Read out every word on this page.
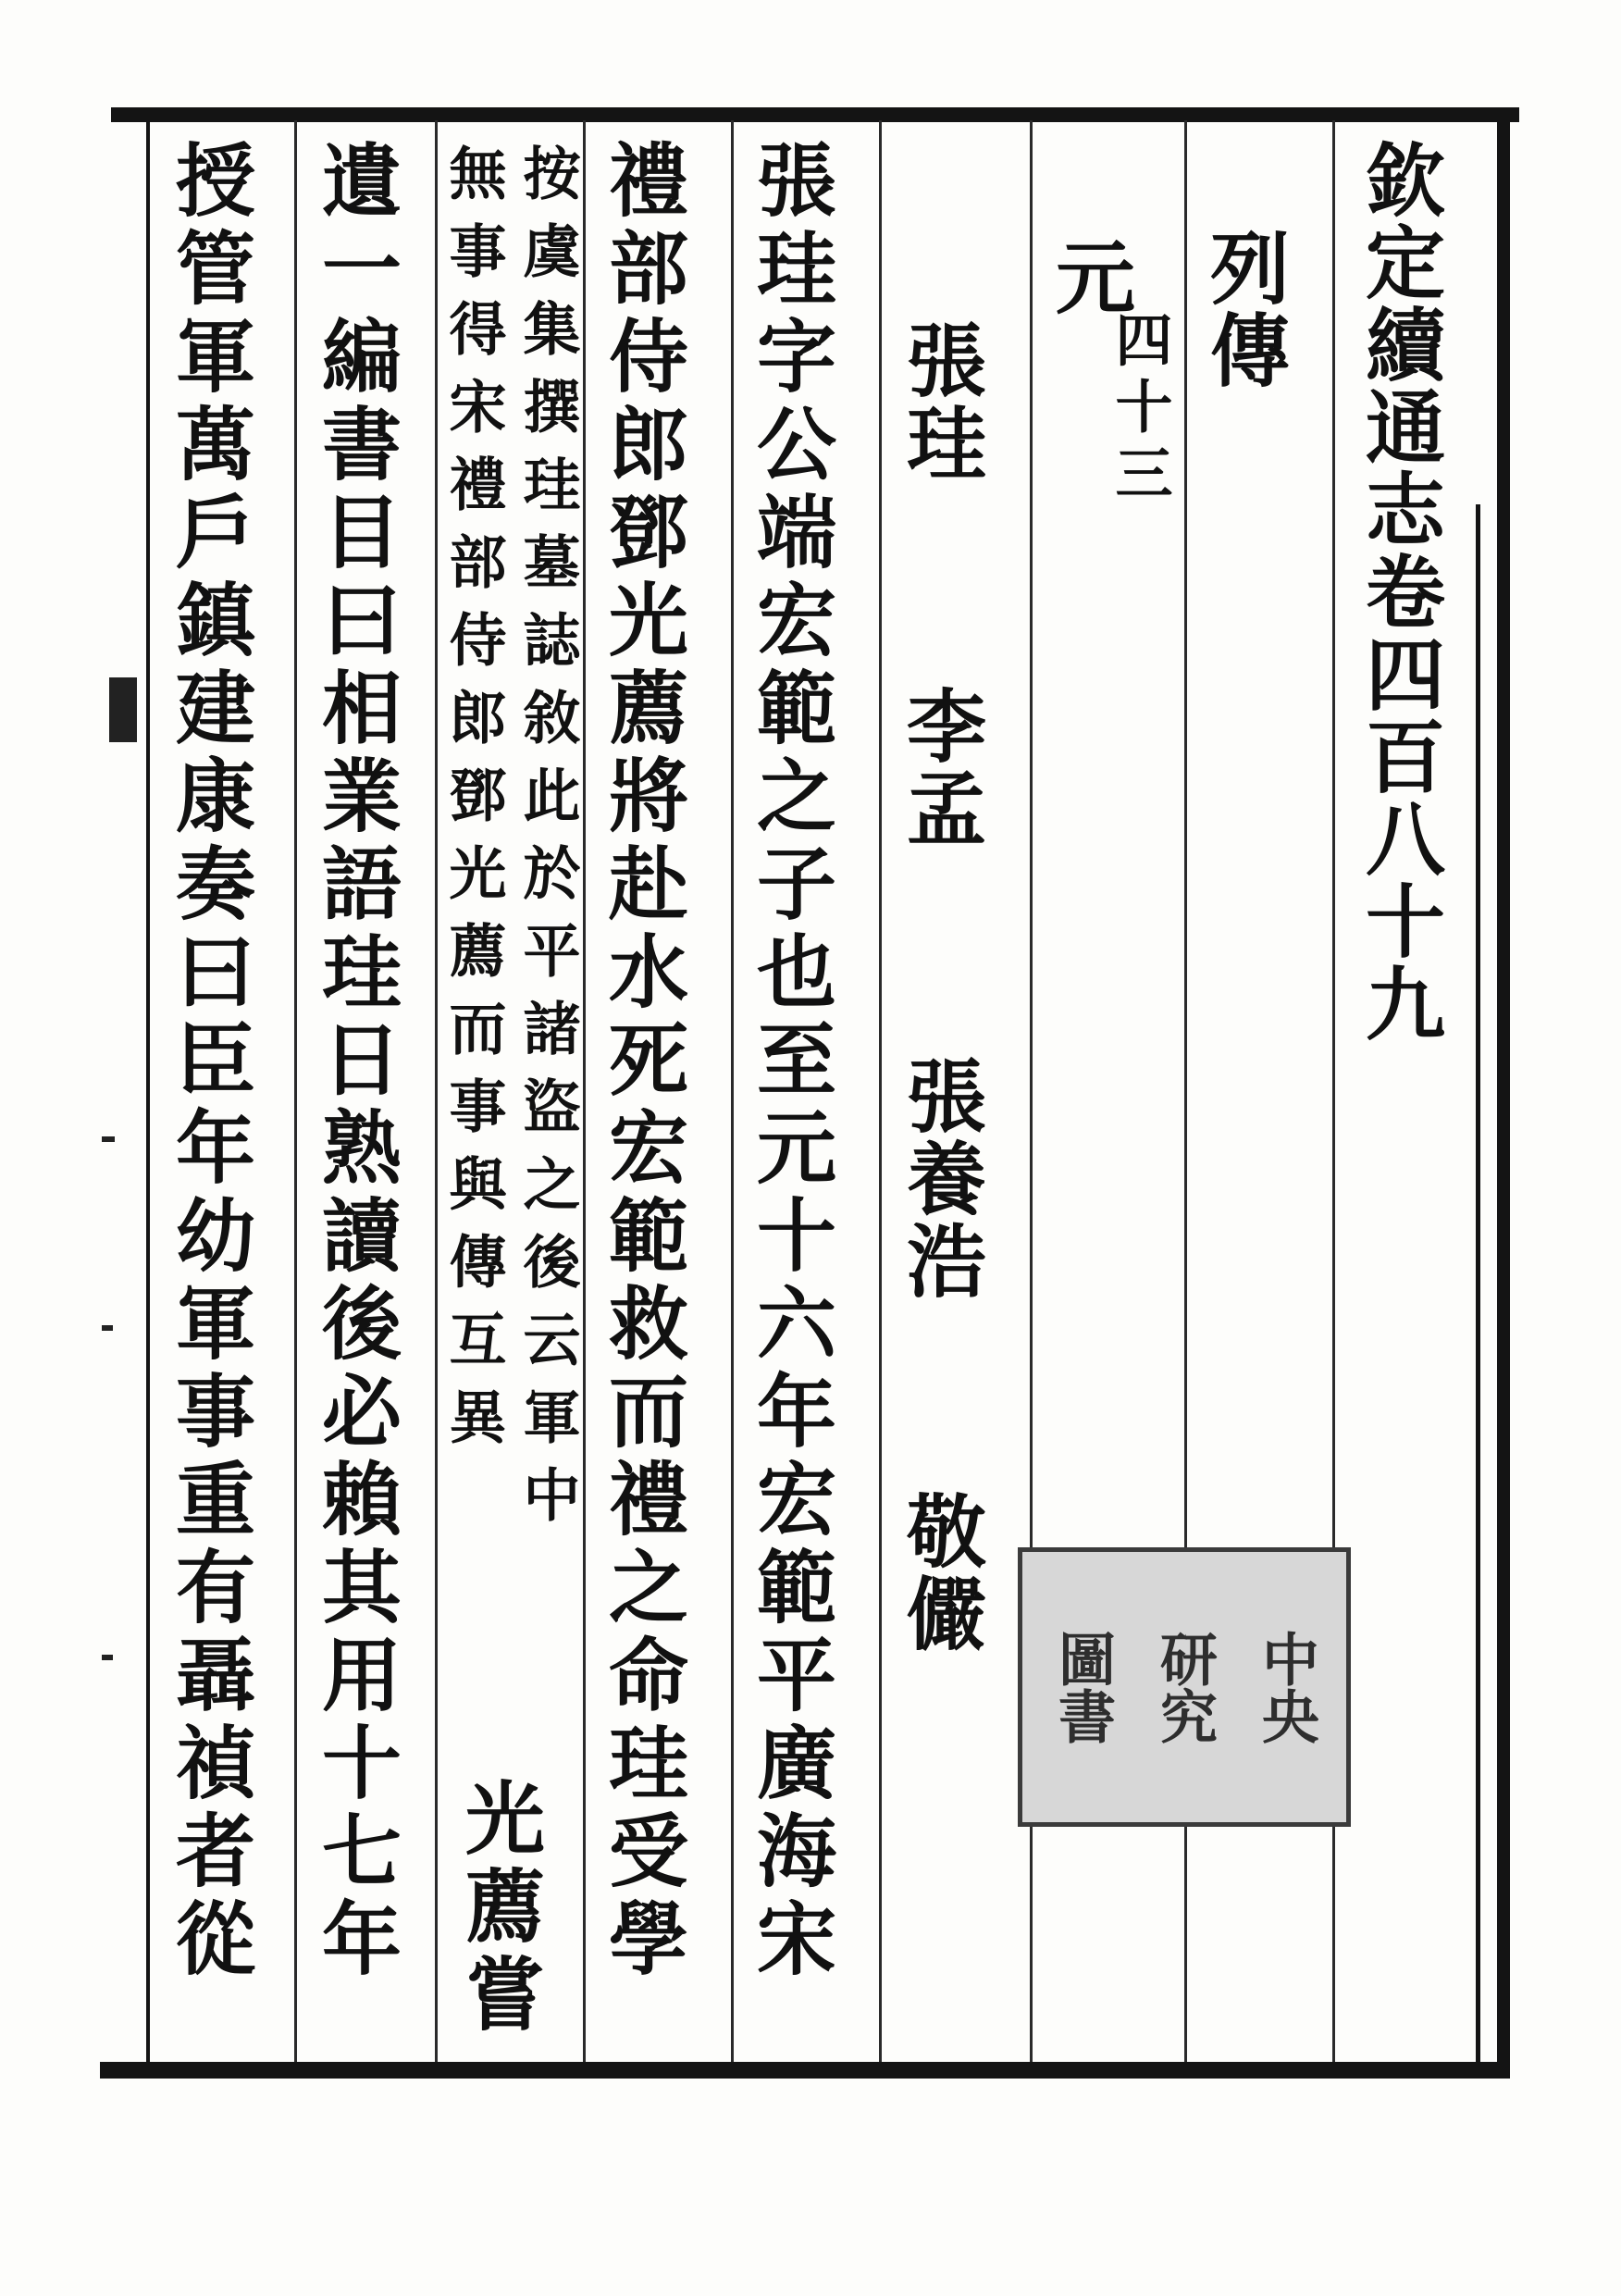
欽定續通志卷四百八十九
列傳
元
四十三
張珪
李孟
張養浩
敬儼
張珪字公端宏範之子也至元十六年宏範平廣海宋
禮部侍郎鄧光薦將赴水死宏範救而禮之命珪受學
按虞集撰珪墓誌敘此於平諸盜之後云軍中
無事得宋禮部侍郎鄧光薦而事與傳互異
光薦嘗
遺一編書目曰相業語珪日熟讀後必賴其用十七年
授管軍萬戶鎮建康奏曰臣年幼軍事重有聶禎者從	中央
研究
圖書
